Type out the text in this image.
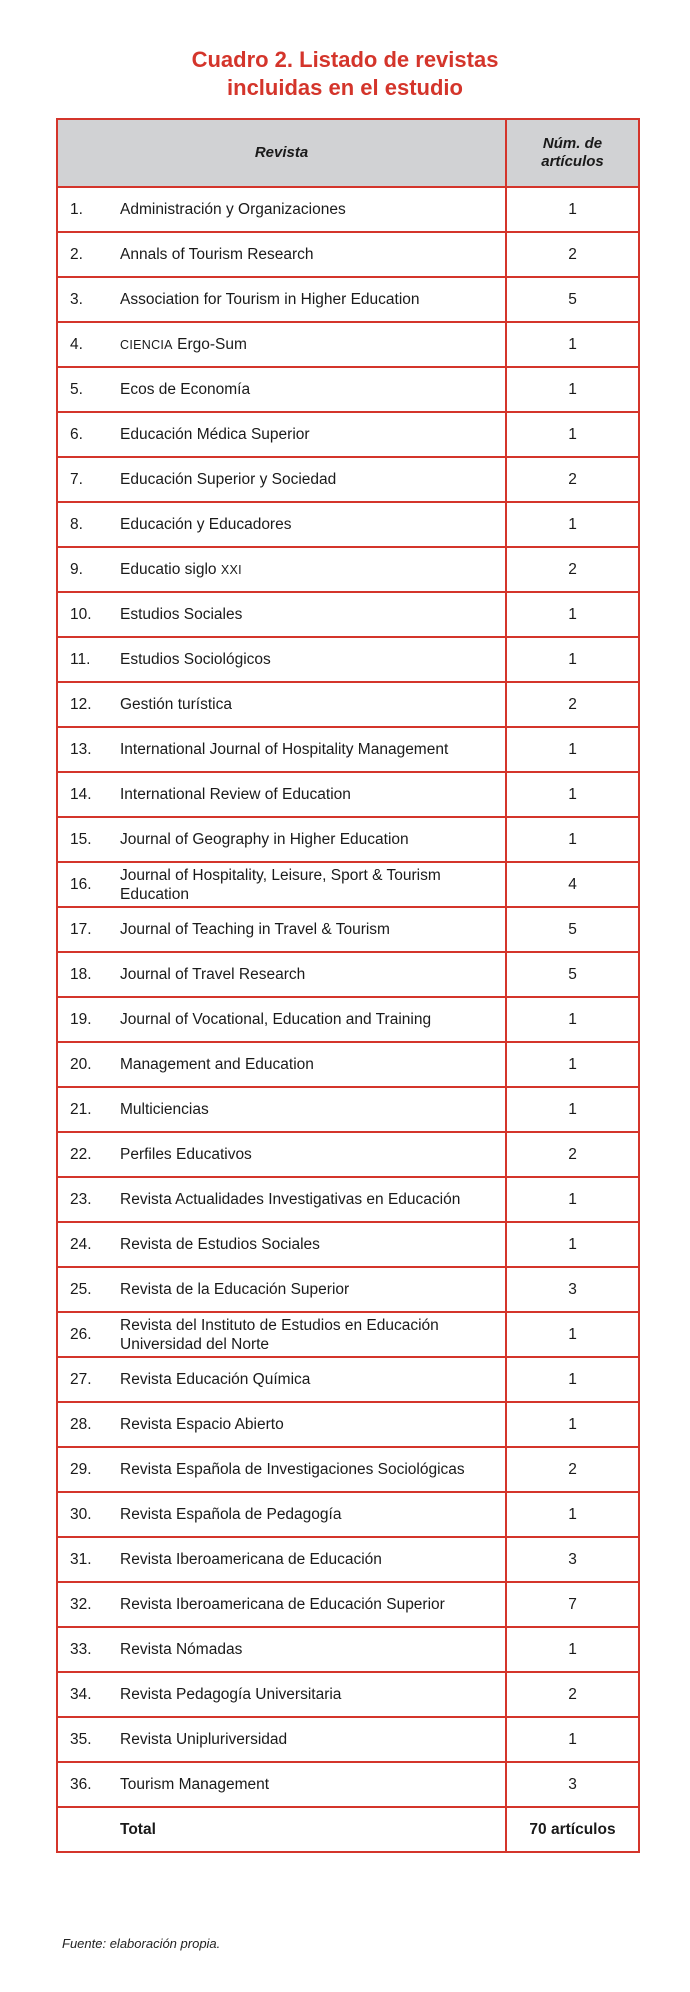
Cuadro 2. Listado de revistas
incluidas en el estudio
Revista	Núm. de
artículos

1. Administración y Organizaciones	1

2. Annals of Tourism Research	2

3. Association for Tourism in Higher Education	5

4. CIENCIA Ergo-Sum	1

5. Ecos de Economía	1

6. Educación Médica Superior	1

7. Educación Superior y Sociedad	2

8. Educación y Educadores	1

9. Educatio siglo XXI	2

10. Estudios Sociales	1

11. Estudios Sociológicos	1

12. Gestión turística	2

13. International Journal of Hospitality Management	1

14. International Review of Education	1

15. Journal of Geography in Higher Education	1

16.
Journal of Hospitality, Leisure, Sport & Tourism Education	4

17. Journal of Teaching in Travel & Tourism	5

18. Journal of Travel Research	5

19. Journal of Vocational, Education and Training	1

20. Management and Education	1

21. Multiciencias	1

22. Perfiles Educativos	2

23. Revista Actualidades Investigativas en Educación	1

24. Revista de Estudios Sociales	1

25. Revista de la Educación Superior	3

26.
Revista del Instituto de Estudios en Educación Universidad del Norte	1

27. Revista Educación Química	1

28. Revista Espacio Abierto	1

29. Revista Española de Investigaciones Sociológicas	2

30. Revista Española de Pedagogía	1

31. Revista Iberoamericana de Educación	3

32. Revista Iberoamericana de Educación Superior	7

33. Revista Nómadas	1

34. Revista Pedagogía Universitaria	2

35. Revista Unipluriversidad	1

36. Tourism Management	3

Total	70 artículos
Fuente: elaboración propia.
